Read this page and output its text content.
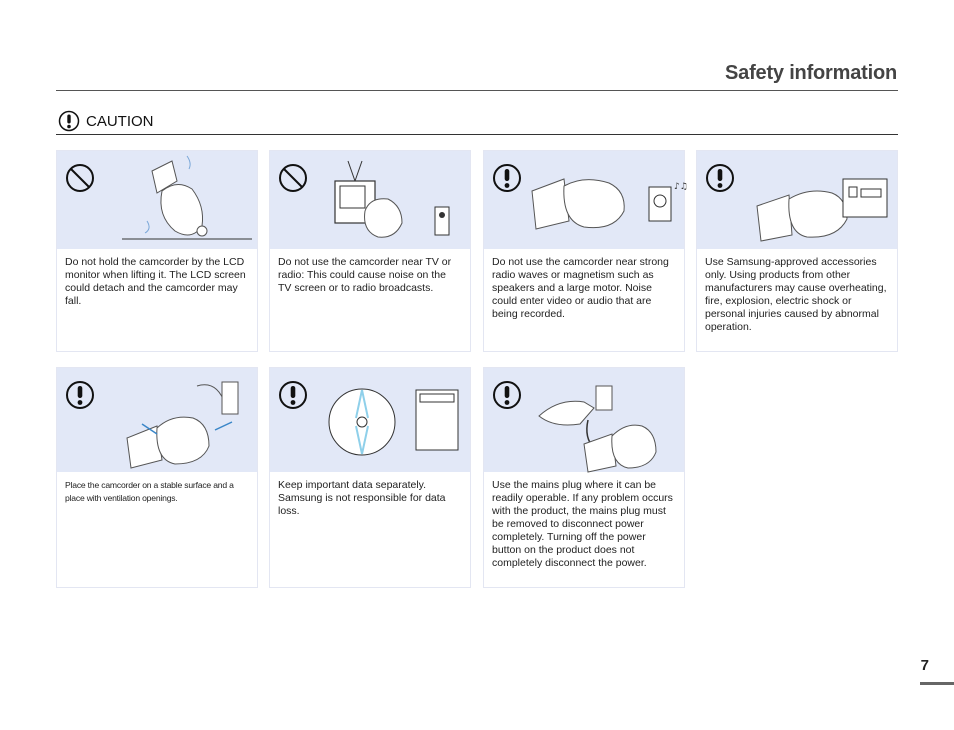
Safety information
CAUTION
Do not hold the camcorder by the LCD monitor when lifting it. The LCD screen could detach and the camcorder may fall.
Do not use the camcorder near TV or radio: This could cause noise on the TV screen or to radio broadcasts.
♪♫
Do not use the camcorder near strong radio waves or magnetism such as speakers and a large motor. Noise could enter video or audio that are being recorded.
Use Samsung-approved accessories only. Using products from other manufacturers may cause overheating, fire, explosion, electric shock or personal injuries caused by abnormal operation.
Place the camcorder on a stable surface and a place with ventilation openings.
Keep important data separately. Samsung is not responsible for data loss.
Use the mains plug where it can be readily operable. If any problem occurs with the product, the mains plug must be removed to disconnect power completely. Turning off the power button on the product does not completely disconnect the power.
7
